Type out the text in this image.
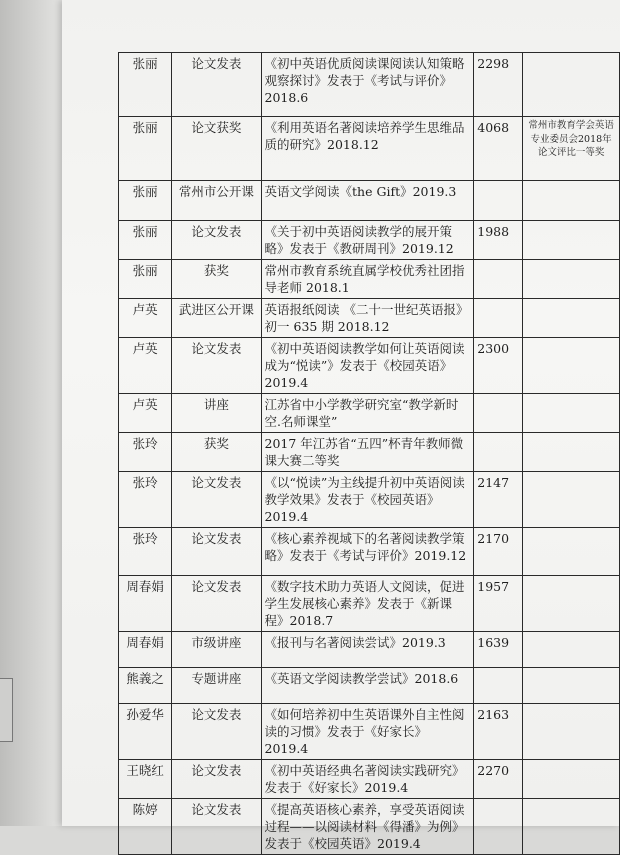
张丽	论文发表	《初中英语优质阅读课阅读认知策略观察探讨》发表于《考试与评价》2018.6	2298	
张丽	论文获奖	《利用英语名著阅读培养学生思维品质的研究》2018.12	4068	常州市教育学会英语专业委员会2018年论文评比一等奖
张丽	常州市公开课	英语文学阅读《the Gift》2019.3		
张丽	论文发表	《关于初中英语阅读教学的展开策略》发表于《教研周刊》2019.12	1988	
张丽	获奖	常州市教育系统直属学校优秀社团指导老师 2018.1		
卢英	武进区公开课	英语报纸阅读 《二十一世纪英语报》初一 635 期 2018.12		
卢英	论文发表	《初中英语阅读教学如何让英语阅读成为“悦读”》发表于《校园英语》2019.4	2300	
卢英	讲座	江苏省中小学教学研究室“教学新时空.名师课堂”		
张玲	获奖	2017 年江苏省“五四”杯青年教师微课大赛二等奖		
张玲	论文发表	《以“悦读”为主线提升初中英语阅读教学效果》发表于《校园英语》2019.4	2147	
张玲	论文发表	《核心素养视域下的名著阅读教学策略》发表于《考试与评价》2019.12	2170	
周春娟	论文发表	《数字技术助力英语人文阅读，促进学生发展核心素养》发表于《新课程》2018.7	1957	
周春娟	市级讲座	《报刊与名著阅读尝试》2019.3	1639	
熊義之	专题讲座	《英语文学阅读教学尝试》2018.6		
孙爱华	论文发表	《如何培养初中生英语课外自主性阅读的习惯》发表于《好家长》2019.4	2163	
王晓红	论文发表	《初中英语经典名著阅读实践研究》发表于《好家长》2019.4	2270	
陈婷	论文发表	《提高英语核心素养，享受英语阅读过程——以阅读材料《得潘》为例》发表于《校园英语》2019.4		
